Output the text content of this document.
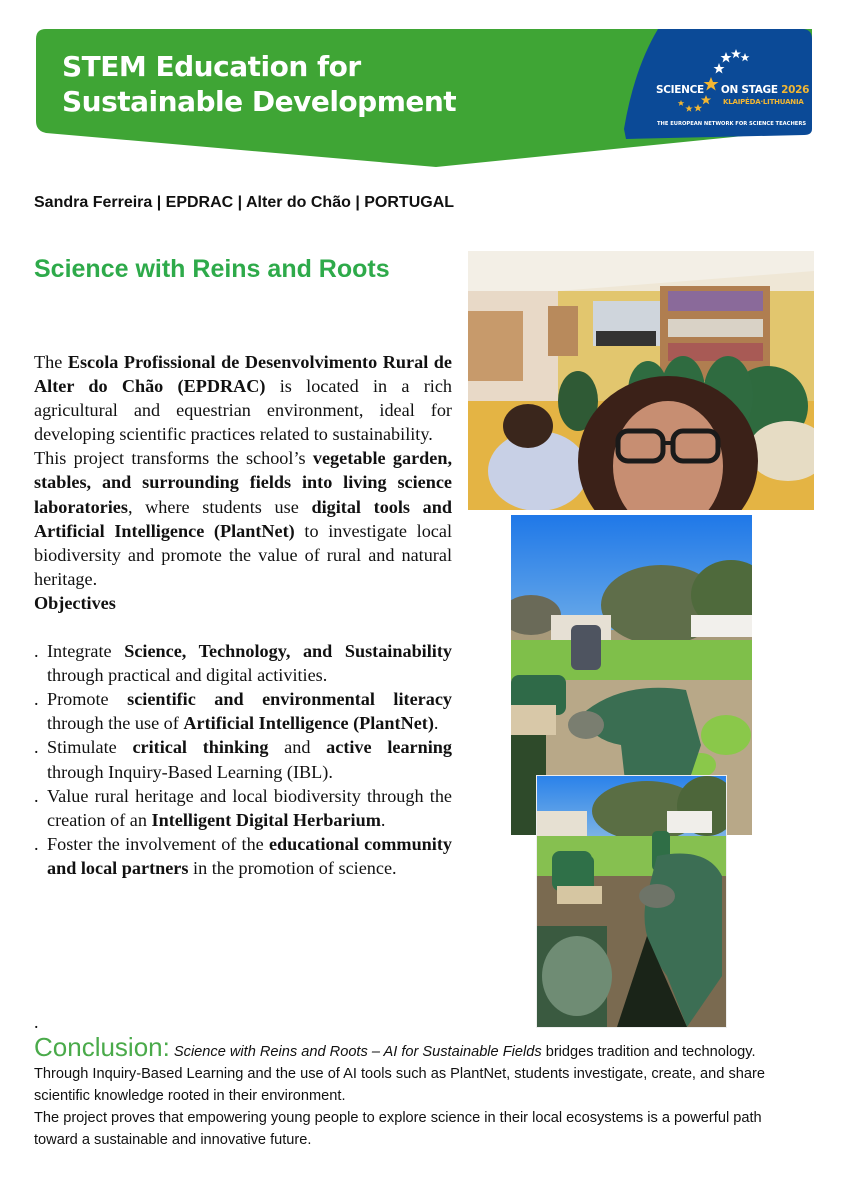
STEM Education for
Sustainable Development	SCIENCE ON STAGE 2026
KLAIPĖDA·LITHUANIA
THE EUROPEAN NETWORK FOR SCIENCE TEACHERS
Sandra Ferreira | EPDRAC | Alter do Chão | PORTUGAL
Science with Reins and Roots

The Escola Profissional de Desenvolvimento Rural de Alter do Chão (EPDRAC) is located in a rich agricultural and equestrian environment, ideal for developing scientific practices related to sustainability.

This project transforms the school’s vegetable garden, stables, and surrounding fields into living science laboratories, where students use digital tools and Artificial Intelligence (PlantNet) to investigate local biodiversity and promote the value of rural and natural heritage.

Objectives

. Integrate Science, Technology, and Sustainability through practical and digital activities.
. Promote scientific and environmental literacy through the use of Artificial Intelligence (PlantNet).
. Stimulate critical thinking and active learning through Inquiry-Based Learning (IBL).
. Value rural heritage and local biodiversity through the creation of an Intelligent Digital Herbarium.
. Foster the involvement of the educational community and local partners in the promotion of science.
.

Conclusion: Science with Reins and Roots – AI for Sustainable Fields bridges tradition and technology.

Through Inquiry-Based Learning and the use of AI tools such as PlantNet, students investigate, create, and share scientific knowledge rooted in their environment.

The project proves that empowering young people to explore science in their local ecosystems is a powerful path toward a sustainable and innovative future.
